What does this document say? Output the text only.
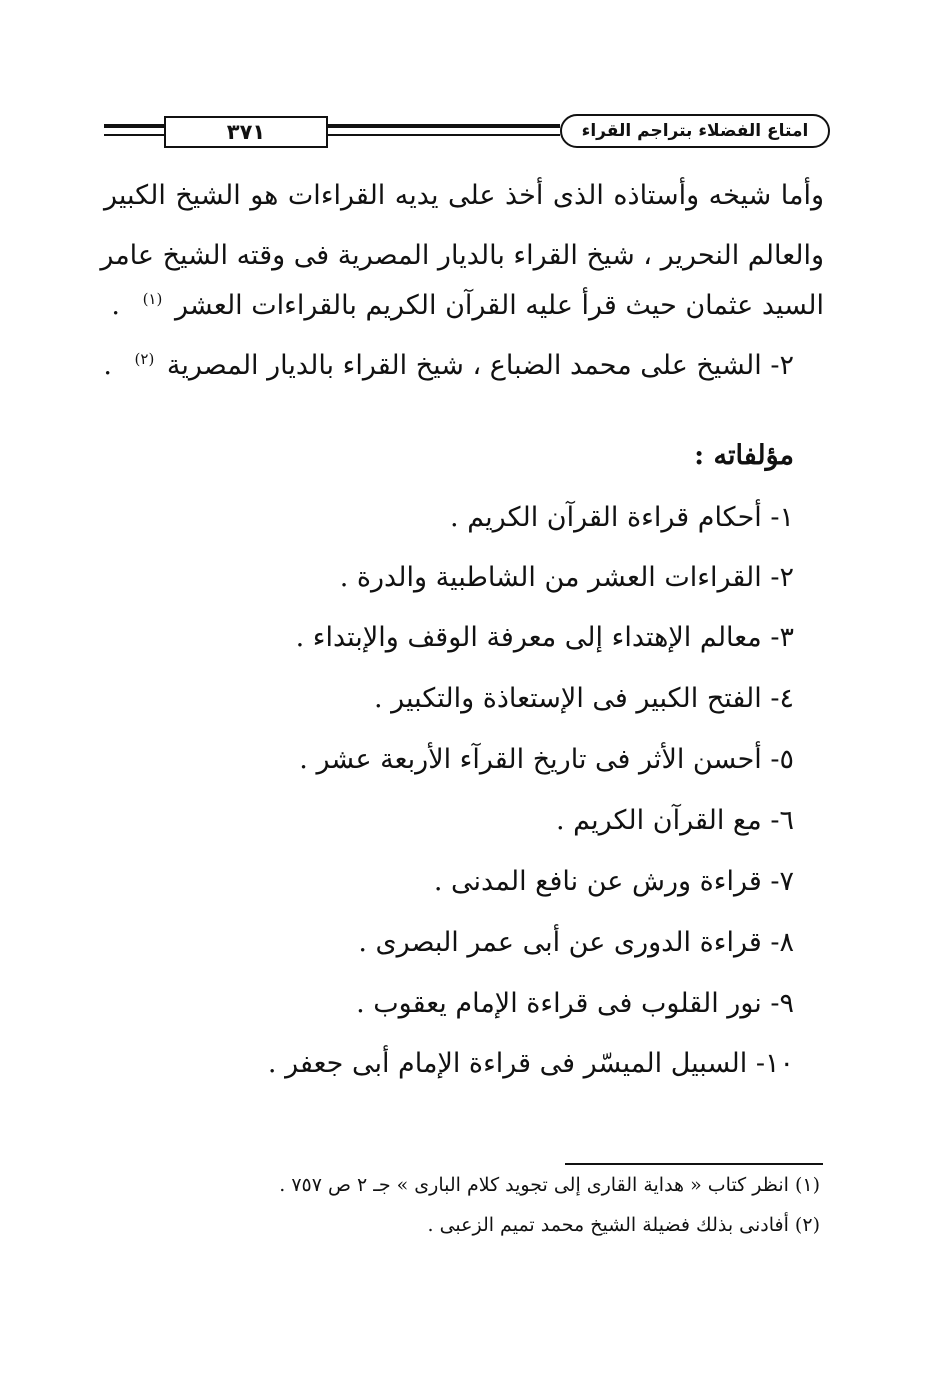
٣٧١	امتاع الفضلاء بتراجم القراء
وأما شيخه وأستاذه الذى أخذ على يديه القراءات هو الشيخ الكبير
والعالم النحرير ، شيخ القراء بالديار المصرية فى وقته الشيخ عامر
السيد عثمان حيث قرأ عليه القرآن الكريم بالقراءات العشر $^{(١)}$ .
٢- الشيخ على محمد الضباع ، شيخ القراء بالديار المصرية $^{(٢)}$ .
مؤلفاته :
١- أحكام قراءة القرآن الكريم .
٢- القراءات العشر من الشاطبية والدرة .
٣- معالم الإهتداء إلى معرفة الوقف والإبتداء .
٤- الفتح الكبير فى الإستعاذة والتكبير .
٥- أحسن الأثر فى تاريخ القرآء الأربعة عشر .
٦- مع القرآن الكريم .
٧- قراءة ورش عن نافع المدنى .
٨- قراءة الدورى عن أبى عمر البصرى .
٩- نور القلوب فى قراءة الإمام يعقوب .
١٠- السبيل الميسّر فى قراءة الإمام أبى جعفر .
(١) انظر كتاب « هداية القارى إلى تجويد كلام البارى » جـ ٢ ص ٧٥٧ .
(٢) أفادنى بذلك فضيلة الشيخ محمد تميم الزعبى .
